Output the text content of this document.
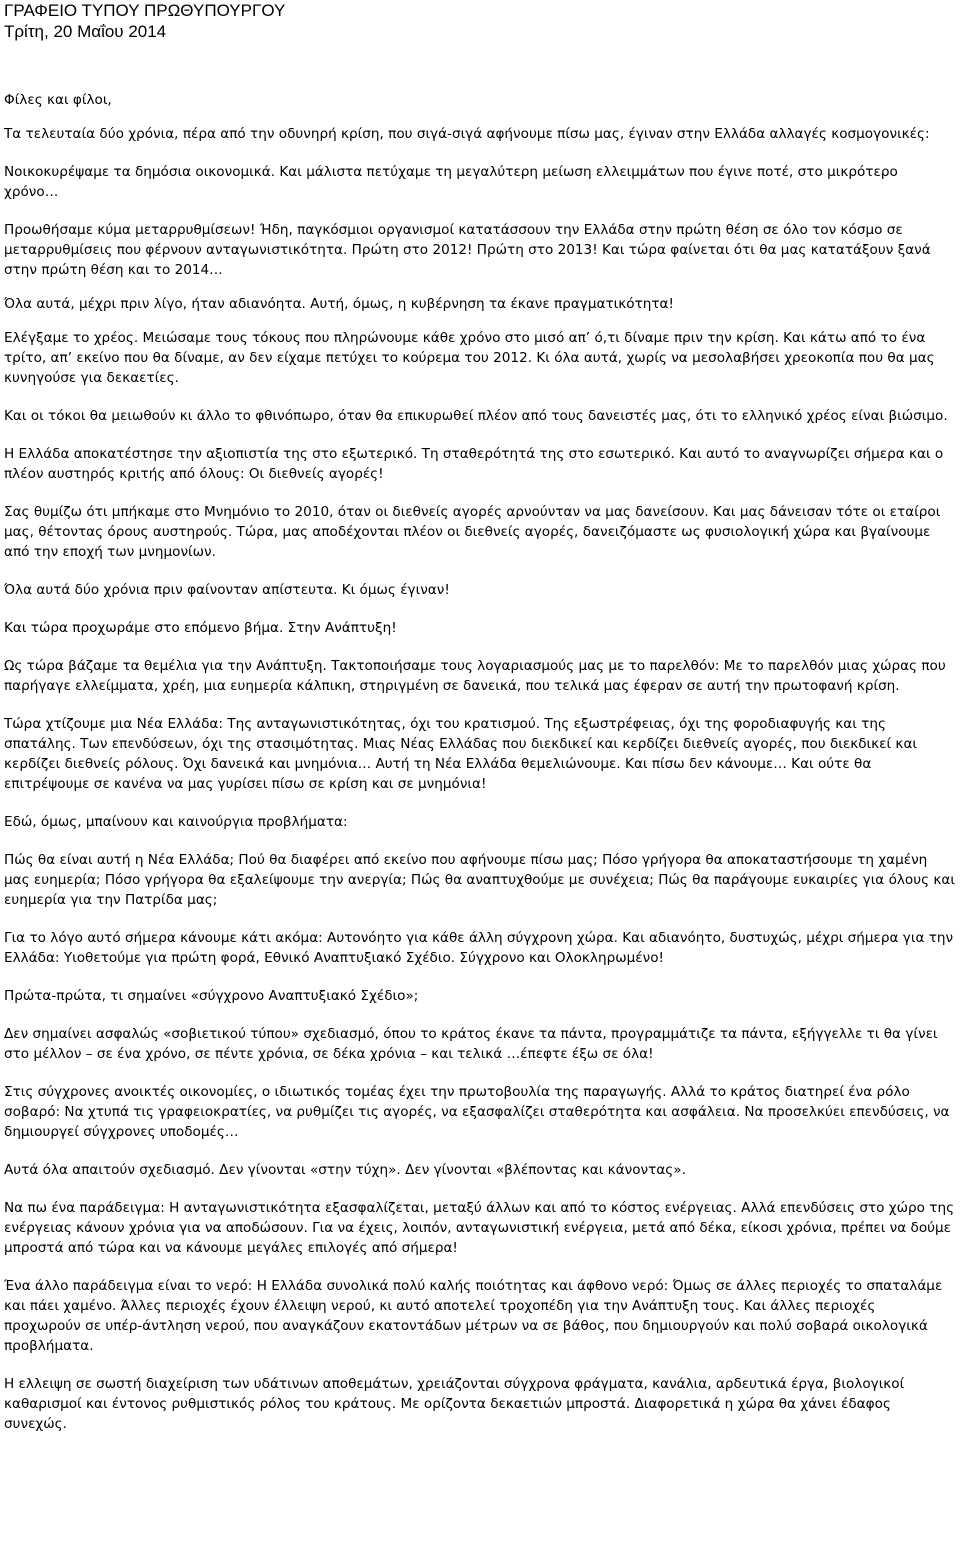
ΓΡΑΦΕΙΟ ΤΥΠΟΥ ΠΡΩΘΥΠΟΥΡΓΟΥ
Τρίτη, 20 Μαΐου 2014

Φίλες και φίλοι,

Τα τελευταία δύο χρόνια, πέρα από την οδυνηρή κρίση, που σιγά-σιγά αφήνουμε πίσω μας, έγιναν στην Ελλάδα αλλαγές κοσμογονικές:

Νοικοκυρέψαμε τα δημόσια οικονομικά. Και μάλιστα πετύχαμε τη μεγαλύτερη μείωση ελλειμμάτων που έγινε ποτέ, στο μικρότερο χρόνο…

Προωθήσαμε κύμα μεταρρυθμίσεων! Ήδη, παγκόσμιοι οργανισμοί κατατάσσουν την Ελλάδα στην πρώτη θέση σε όλο τον κόσμο σε μεταρρυθμίσεις που φέρνουν ανταγωνιστικότητα. Πρώτη στο 2012! Πρώτη στο 2013! Και τώρα φαίνεται ότι θα μας κατατάξουν ξανά στην πρώτη θέση και το 2014…

Όλα αυτά, μέχρι πριν λίγο, ήταν αδιανόητα. Αυτή, όμως, η κυβέρνηση τα έκανε πραγματικότητα!

Ελέγξαμε το χρέος. Μειώσαμε τους τόκους που πληρώνουμε κάθε χρόνο στο μισό απ’ ό,τι δίναμε πριν την κρίση. Και κάτω από το ένα τρίτο, απ’ εκείνο που θα δίναμε, αν δεν είχαμε πετύχει το κούρεμα του 2012. Κι όλα αυτά, χωρίς να μεσολαβήσει χρεοκοπία που θα μας κυνηγούσε για δεκαετίες.

Και οι τόκοι θα μειωθούν κι άλλο το φθινόπωρο, όταν θα επικυρωθεί πλέον από τους δανειστές μας, ότι το ελληνικό χρέος είναι βιώσιμο.

Η Ελλάδα αποκατέστησε την αξιοπιστία της στο εξωτερικό. Τη σταθερότητά της στο εσωτερικό. Και αυτό το αναγνωρίζει σήμερα και ο πλέον αυστηρός κριτής από όλους: Οι διεθνείς αγορές!

Σας θυμίζω ότι μπήκαμε στο Μνημόνιο το 2010, όταν οι διεθνείς αγορές αρνούνταν να μας δανείσουν. Και μας δάνεισαν τότε οι εταίροι μας, θέτοντας όρους αυστηρούς. Τώρα, μας αποδέχονται πλέον οι διεθνείς αγορές, δανειζόμαστε ως φυσιολογική χώρα και βγαίνουμε από την εποχή των μνημονίων.

Όλα αυτά δύο χρόνια πριν φαίνονταν απίστευτα. Κι όμως έγιναν!

Και τώρα προχωράμε στο επόμενο βήμα. Στην Ανάπτυξη!

Ως τώρα βάζαμε τα θεμέλια για την Ανάπτυξη. Τακτοποιήσαμε τους λογαριασμούς μας με το παρελθόν: Με το παρελθόν μιας χώρας που παρήγαγε ελλείμματα, χρέη, μια ευημερία κάλπικη, στηριγμένη σε δανεικά, που τελικά μας έφεραν σε αυτή την πρωτοφανή κρίση.

Τώρα χτίζουμε μια Νέα Ελλάδα: Της ανταγωνιστικότητας, όχι του κρατισμού. Της εξωστρέφειας, όχι της φοροδιαφυγής και της σπατάλης. Των επενδύσεων, όχι της στασιμότητας. Μιας Νέας Ελλάδας που διεκδικεί και κερδίζει διεθνείς αγορές, που διεκδικεί και κερδίζει διεθνείς ρόλους. Όχι δανεικά και μνημόνια… Αυτή τη Νέα Ελλάδα θεμελιώνουμε. Και πίσω δεν κάνουμε… Και ούτε θα επιτρέψουμε σε κανένα να μας γυρίσει πίσω σε κρίση και σε μνημόνια!

Εδώ, όμως, μπαίνουν και καινούργια προβλήματα:

Πώς θα είναι αυτή η Νέα Ελλάδα; Πού θα διαφέρει από εκείνο που αφήνουμε πίσω μας; Πόσο γρήγορα θα αποκαταστήσουμε τη χαμένη μας ευημερία; Πόσο γρήγορα θα εξαλείψουμε την ανεργία; Πώς θα αναπτυχθούμε με συνέχεια; Πώς θα παράγουμε ευκαιρίες για όλους και ευημερία για την Πατρίδα μας;

Για το λόγο αυτό σήμερα κάνουμε κάτι ακόμα: Αυτονόητο για κάθε άλλη σύγχρονη χώρα. Και αδιανόητο, δυστυχώς, μέχρι σήμερα για την Ελλάδα: Υιοθετούμε για πρώτη φορά, Εθνικό Αναπτυξιακό Σχέδιο. Σύγχρονο και Ολοκληρωμένο!

Πρώτα-πρώτα, τι σημαίνει «σύγχρονο Αναπτυξιακό Σχέδιο»;

Δεν σημαίνει ασφαλώς «σοβιετικού τύπου» σχεδιασμό, όπου το κράτος έκανε τα πάντα, προγραμμάτιζε τα πάντα, εξήγγελλε τι θα γίνει στο μέλλον – σε ένα χρόνο, σε πέντε χρόνια, σε δέκα χρόνια – και τελικά …έπεφτε έξω σε όλα!

Στις σύγχρονες ανοικτές οικονομίες, ο ιδιωτικός τομέας έχει την πρωτοβουλία της παραγωγής. Αλλά το κράτος διατηρεί ένα ρόλο σοβαρό: Να χτυπά τις γραφειοκρατίες, να ρυθμίζει τις αγορές, να εξασφαλίζει σταθερότητα και ασφάλεια. Να προσελκύει επενδύσεις, να δημιουργεί σύγχρονες υποδομές…

Αυτά όλα απαιτούν σχεδιασμό. Δεν γίνονται «στην τύχη». Δεν γίνονται «βλέποντας και κάνοντας».

Να πω ένα παράδειγμα: Η ανταγωνιστικότητα εξασφαλίζεται, μεταξύ άλλων και από το κόστος ενέργειας. Αλλά επενδύσεις στο χώρο της ενέργειας κάνουν χρόνια για να αποδώσουν. Για να έχεις, λοιπόν, ανταγωνιστική ενέργεια, μετά από δέκα, είκοσι χρόνια, πρέπει να δούμε μπροστά από τώρα και να κάνουμε μεγάλες επιλογές από σήμερα!

Ένα άλλο παράδειγμα είναι το νερό: Η Ελλάδα συνολικά πολύ καλής ποιότητας και άφθονο νερό: Όμως σε άλλες περιοχές το σπαταλάμε και πάει χαμένο. Άλλες περιοχές έχουν έλλειψη νερού, κι αυτό αποτελεί τροχοπέδη για την Ανάπτυξη τους. Και άλλες περιοχές προχωρούν σε υπέρ-άντληση νερού, που αναγκάζουν εκατοντάδων μέτρων να σε βάθος, που δημιουργούν και πολύ σοβαρά οικολογικά προβλήματα.

Η ελλειψη σε σωστή διαχείριση των υδάτινων αποθεμάτων, χρειάζονται σύγχρονα φράγματα, κανάλια, αρδευτικά έργα, βιολογικοί καθαρισμοί και έντονος ρυθμιστικός ρόλος του κράτους. Με ορίζοντα δεκαετιών μπροστά. Διαφορετικά η χώρα θα χάνει έδαφος συνεχώς.
